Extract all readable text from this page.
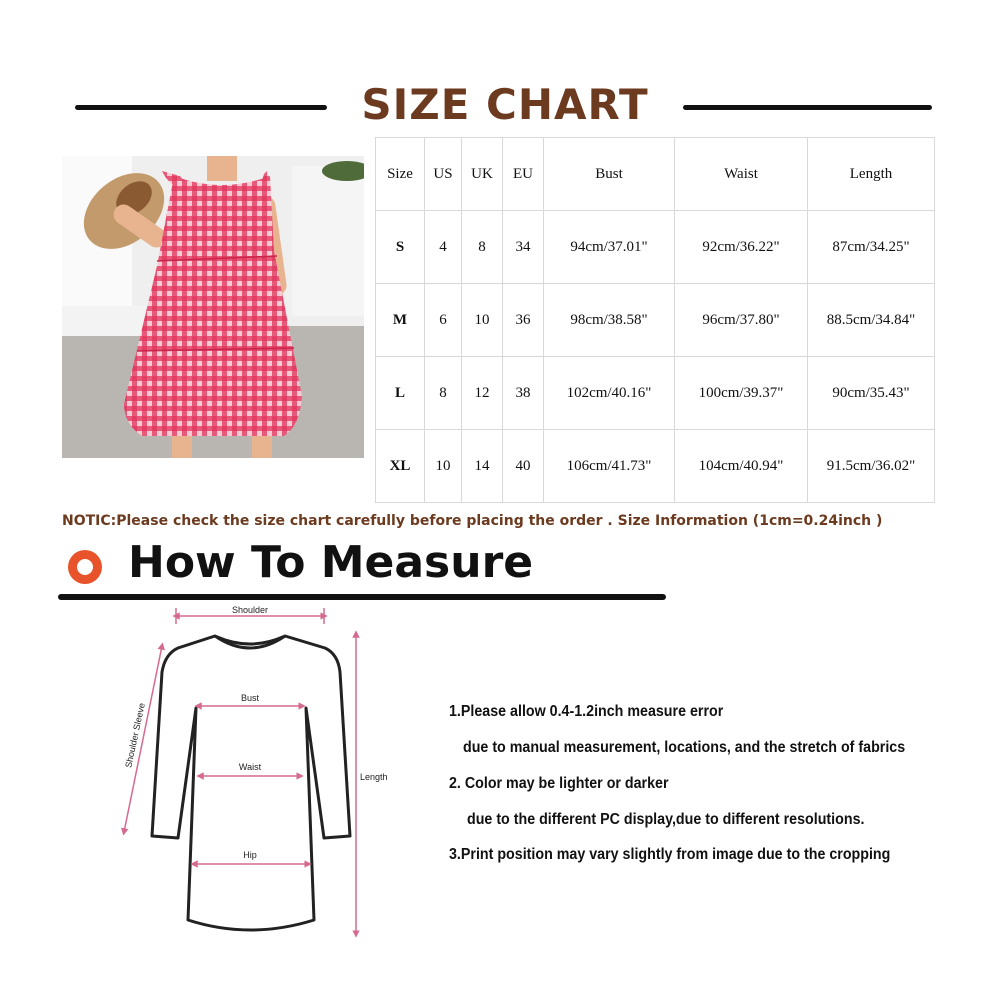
SIZE CHART
Size	US	UK	EU	Bust	Waist	Length
S	4	8	34	94cm/37.01"	92cm/36.22"	87cm/34.25"
M	6	10	36	98cm/38.58"	96cm/37.80"	88.5cm/34.84"
L	8	12	38	102cm/40.16"	100cm/39.37"	90cm/35.43"
XL	10	14	40	106cm/41.73"	104cm/40.94"	91.5cm/36.02"

NOTIC:Please check the size chart carefully before placing the order . Size Information (1cm=0.24inch )

How To Measure
Shoulder
Bust
Waist
Hip
Length
Shoulder Sleeve	1.Please allow 0.4-1.2inch measure error

due to manual measurement, locations, and the stretch of fabrics

2. Color may be lighter or darker

due to the different PC display,due to different resolutions.

3.Print position may vary slightly from image due to the cropping
